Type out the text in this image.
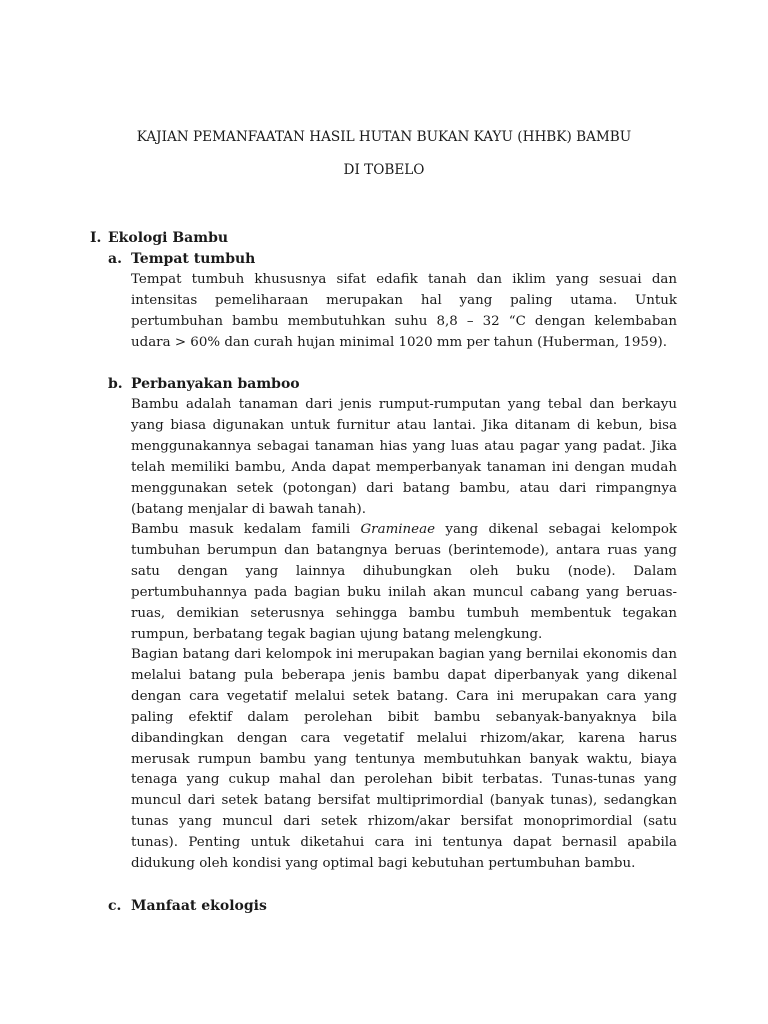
KAJIAN PEMANFAATAN HASIL HUTAN BUKAN KAYU (HHBK) BAMBU
DI TOBELO
I. Ekologi Bambu
a. Tempat tumbuh

Tempat tumbuh khususnya sifat edafik tanah dan iklim yang sesuai dan intensitas pemeliharaan merupakan hal yang paling utama. Untuk pertumbuhan bambu membutuhkan suhu 8,8 – 32 “C dengan kelembaban udara > 60% dan curah hujan minimal 1020 mm per tahun (Huberman, 1959).

b. Perbanyakan bamboo

Bambu adalah tanaman dari jenis rumput-rumputan yang tebal dan berkayu yang biasa digunakan untuk furnitur atau lantai. Jika ditanam di kebun, bisa menggunakannya sebagai tanaman hias yang luas atau pagar yang padat. Jika telah memiliki bambu, Anda dapat memperbanyak tanaman ini dengan mudah menggunakan setek (potongan) dari batang bambu, atau dari rimpangnya (batang menjalar di bawah tanah).

Bambu masuk kedalam famili Gramineae yang dikenal sebagai kelompok tumbuhan berumpun dan batangnya beruas (berintemode), antara ruas yang satu dengan yang lainnya dihubungkan oleh buku (node). Dalam pertumbuhannya pada bagian buku inilah akan muncul cabang yang beruas-ruas, demikian seterusnya sehingga bambu tumbuh membentuk tegakan rumpun, berbatang tegak bagian ujung batang melengkung.

Bagian batang dari kelompok ini merupakan bagian yang bernilai ekonomis dan melalui batang pula beberapa jenis bambu dapat diperbanyak yang dikenal dengan cara vegetatif melalui setek batang. Cara ini merupakan cara yang paling efektif dalam perolehan bibit bambu sebanyak-banyaknya bila dibandingkan dengan cara vegetatif melalui rhizom/akar, karena harus merusak rumpun bambu yang tentunya membutuhkan banyak waktu, biaya tenaga yang cukup mahal dan perolehan bibit terbatas. Tunas-tunas yang muncul dari setek batang bersifat multiprimordial (banyak tunas), sedangkan tunas yang muncul dari setek rhizom/akar bersifat monoprimordial (satu tunas). Penting untuk diketahui cara ini tentunya dapat bernasil apabila didukung oleh kondisi yang optimal bagi kebutuhan pertumbuhan bambu.

c. Manfaat ekologis
